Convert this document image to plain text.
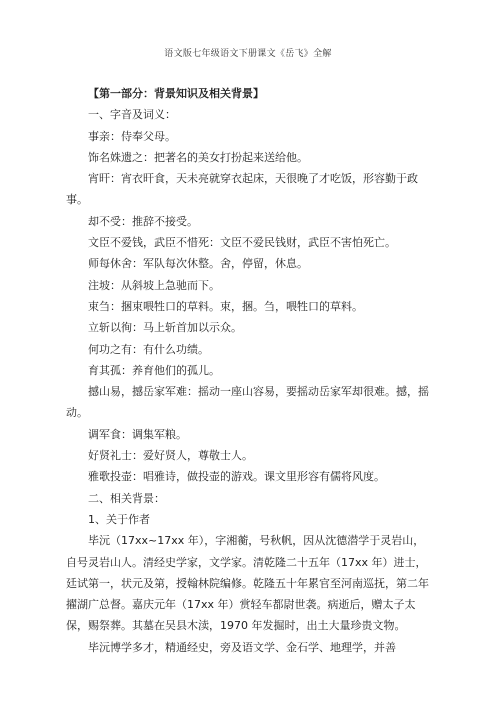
语文版七年级语文下册课文《岳飞》全解

【第一部分：背景知识及相关背景】

一、字音及词义：

事亲：侍奉父母。

饰名姝遗之：把著名的美女打扮起来送给他。

宵旰：宵衣旰食，天未亮就穿衣起床，天很晚了才吃饭，形容勤于政事。

却不受：推辞不接受。

文臣不爱钱，武臣不惜死：文臣不爱民钱财，武臣不害怕死亡。

师每休舍：军队每次休整。舍，停留，休息。

注坡：从斜坡上急驰而下。

束刍：捆束喂牲口的草料。束，捆。刍，喂牲口的草料。

立斩以徇：马上斩首加以示众。

何功之有：有什么功绩。

育其孤：养育他们的孤儿。

撼山易，撼岳家军难：摇动一座山容易，要摇动岳家军却很难。撼，摇动。

调军食：调集军粮。

好贤礼士：爱好贤人，尊敬士人。

雅歌投壶：唱雅诗，做投壶的游戏。课文里形容有儒将风度。

二、相关背景：

1、关于作者

毕沅（17xx~17xx 年），字湘蘅，号秋帆，因从沈德潜学于灵岩山，自号灵岩山人。清经史学家，文学家。清乾隆二十五年（17xx 年）进士，廷试第一，状元及第，授翰林院编修。乾隆五十年累官至河南巡抚，第二年擢湖广总督。嘉庆元年（17xx 年）赏轻车都尉世袭。病逝后，赠太子太保，赐祭葬。其墓在吴县木渎，1970 年发掘时，出土大量珍贵文物。

毕沅博学多才，精通经史，旁及语文学、金石学、地理学，并善
